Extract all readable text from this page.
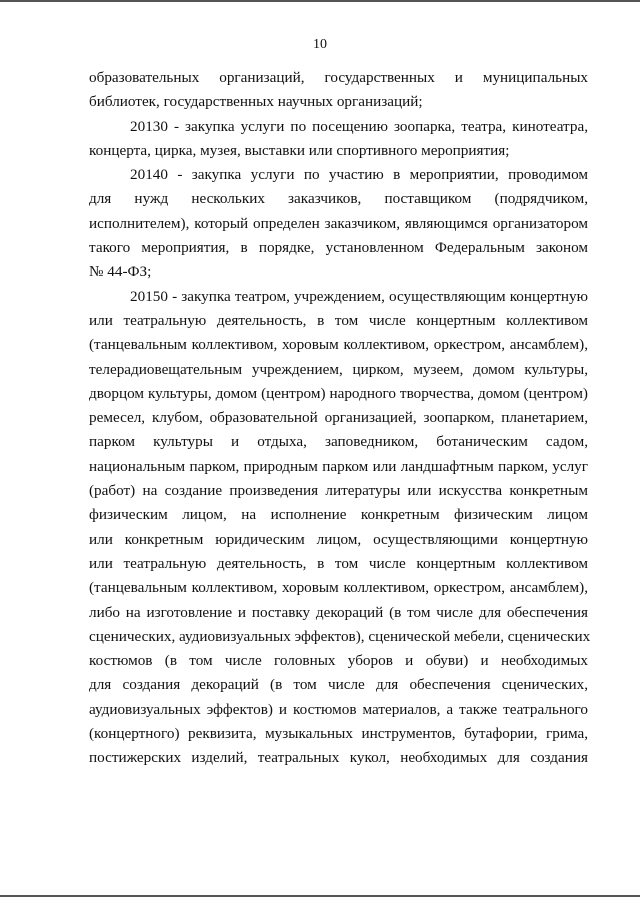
10
образовательных организаций, государственных и муниципальных
библиотек, государственных научных организаций;
20130 - закупка услуги по посещению зоопарка, театра, кинотеатра,
концерта, цирка, музея, выставки или спортивного мероприятия;
20140 - закупка услуги по участию в мероприятии, проводимом
для нужд нескольких заказчиков, поставщиком (подрядчиком,
исполнителем), который определен заказчиком, являющимся организатором
такого мероприятия, в порядке, установленном Федеральным законом
№ 44-ФЗ;
20150 - закупка театром, учреждением, осуществляющим концертную
или театральную деятельность, в том числе концертным коллективом
(танцевальным коллективом, хоровым коллективом, оркестром, ансамблем),
телерадиовещательным учреждением, цирком, музеем, домом культуры,
дворцом культуры, домом (центром) народного творчества, домом (центром)
ремесел, клубом, образовательной организацией, зоопарком, планетарием,
парком культуры и отдыха, заповедником, ботаническим садом,
национальным парком, природным парком или ландшафтным парком, услуг
(работ) на создание произведения литературы или искусства конкретным
физическим лицом, на исполнение конкретным физическим лицом
или конкретным юридическим лицом, осуществляющими концертную
или театральную деятельность, в том числе концертным коллективом
(танцевальным коллективом, хоровым коллективом, оркестром, ансамблем),
либо на изготовление и поставку декораций (в том числе для обеспечения
сценических, аудиовизуальных эффектов), сценической мебели, сценических
костюмов (в том числе головных уборов и обуви) и необходимых
для создания декораций (в том числе для обеспечения сценических,
аудиовизуальных эффектов) и костюмов материалов, а также театрального
(концертного) реквизита, музыкальных инструментов, бутафории, грима,
постижерских изделий, театральных кукол, необходимых для создания
